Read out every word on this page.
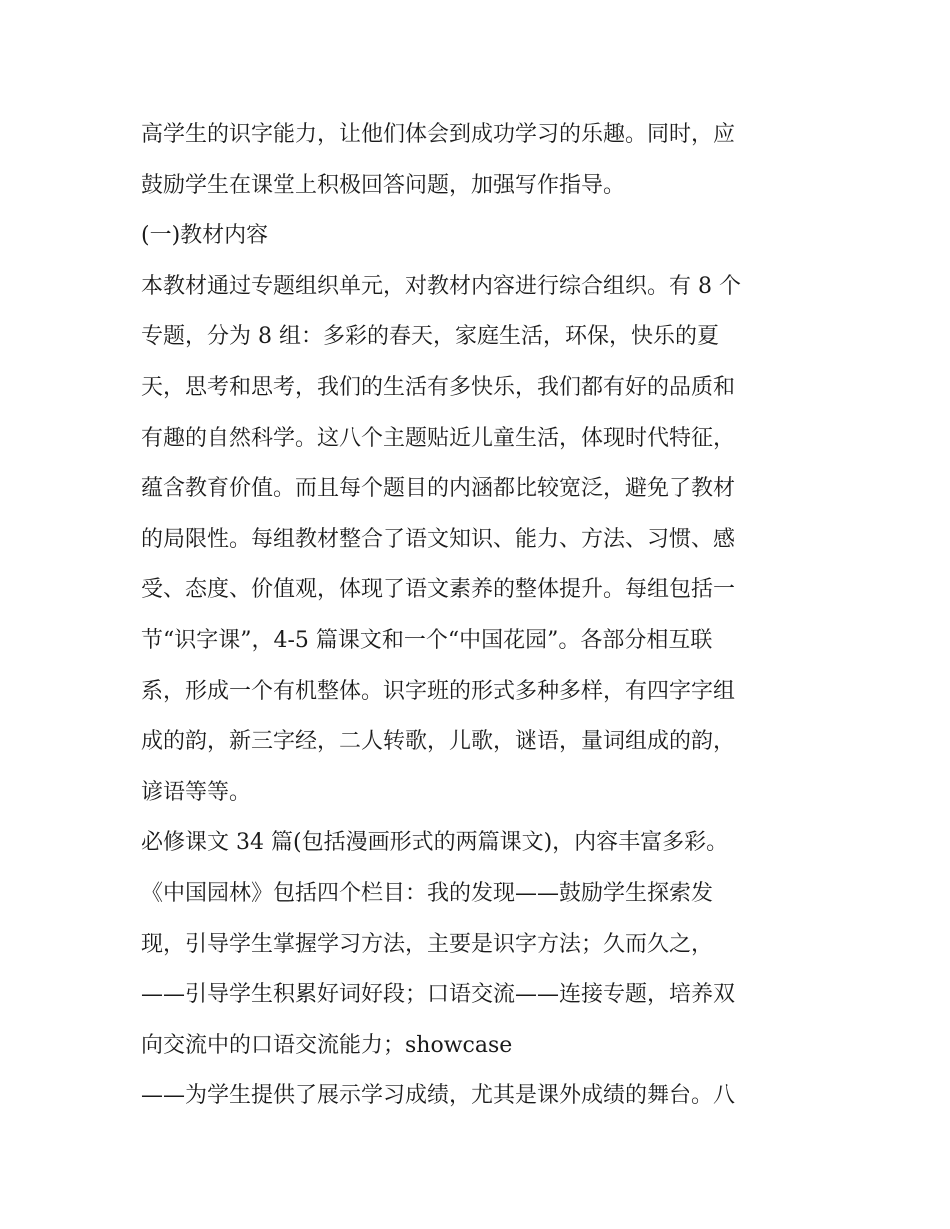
高学生的识字能力，让他们体会到成功学习的乐趣。同时，应
鼓励学生在课堂上积极回答问题，加强写作指导。
(一)教材内容
本教材通过专题组织单元，对教材内容进行综合组织。有 8 个
专题，分为 8 组：多彩的春天，家庭生活，环保，快乐的夏
天，思考和思考，我们的生活有多快乐，我们都有好的品质和
有趣的自然科学。这八个主题贴近儿童生活，体现时代特征，
蕴含教育价值。而且每个题目的内涵都比较宽泛，避免了教材
的局限性。每组教材整合了语文知识、能力、方法、习惯、感
受、态度、价值观，体现了语文素养的整体提升。每组包括一
节“识字课”，4-5 篇课文和一个“中国花园”。各部分相互联
系，形成一个有机整体。识字班的形式多种多样，有四字字组
成的韵，新三字经，二人转歌，儿歌，谜语，量词组成的韵，
谚语等等。
必修课文 34 篇(包括漫画形式的两篇课文)，内容丰富多彩。
《中国园林》包括四个栏目：我的发现——鼓励学生探索发
现，引导学生掌握学习方法，主要是识字方法；久而久之，
——引导学生积累好词好段；口语交流——连接专题，培养双
向交流中的口语交流能力；showcase
——为学生提供了展示学习成绩，尤其是课外成绩的舞台。八
